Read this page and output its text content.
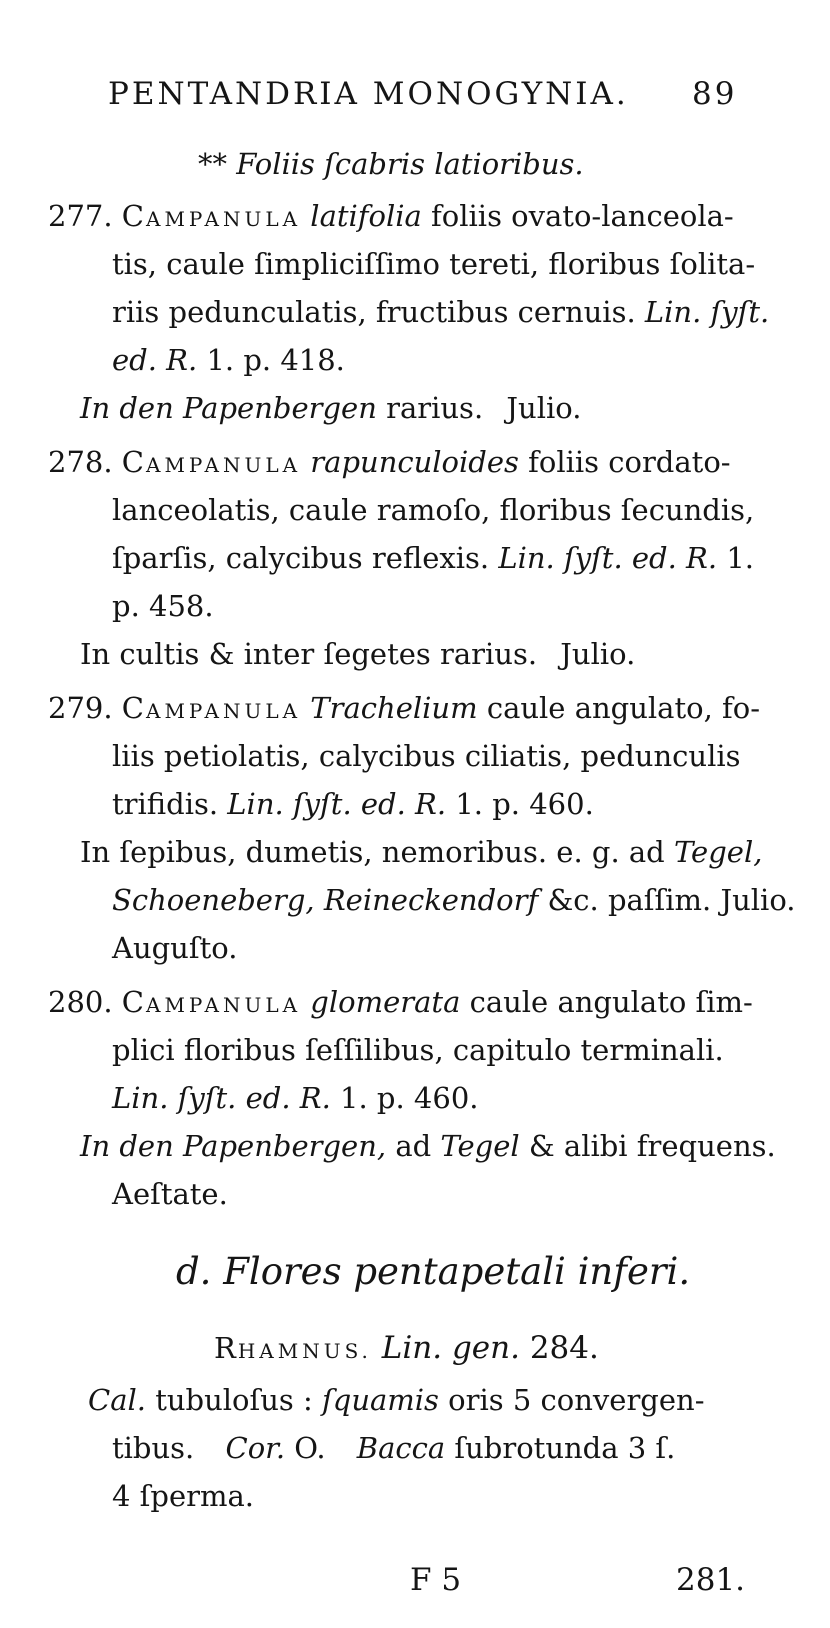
PENTANDRIA MONOGYNIA. 89
** Foliis ſcabris latioribus.
277. CAMPANULA latifolia foliis ovato-lanceola-
tis, caule ſimpliciſſimo tereti, floribus ſolita-
riis pedunculatis, fructibus cernuis. Lin. ſyſt.
ed. R. 1. p. 418.
In den Papenbergen rarius. Julio.
278. CAMPANULA rapunculoides foliis cordato-
lanceolatis, caule ramoſo, floribus ſecundis,
ſparſis, calycibus reflexis. Lin. ſyſt. ed. R. 1.
p. 458.
In cultis & inter ſegetes rarius. Julio.
279. CAMPANULA Trachelium caule angulato, fo-
liis petiolatis, calycibus ciliatis, pedunculis
trifidis. Lin. ſyſt. ed. R. 1. p. 460.
In ſepibus, dumetis, nemoribus. e. g. ad Tegel,
Schoeneberg, Reineckendorf &c. paſſim. Julio.
Auguſto.
280. CAMPANULA glomerata caule angulato ſim-
plici floribus ſeſſilibus, capitulo terminali.
Lin. ſyſt. ed. R. 1. p. 460.
In den Papenbergen, ad Tegel & alibi frequens.
Aeſtate.
d. Flores pentapetali inferi.
RHAMNUS. Lin. gen. 284.
Cal. tubuloſus : ſquamis oris 5 convergen-
tibus. Cor. O. Bacca ſubrotunda 3 ſ.
4 ſperma.
F 5	281.
